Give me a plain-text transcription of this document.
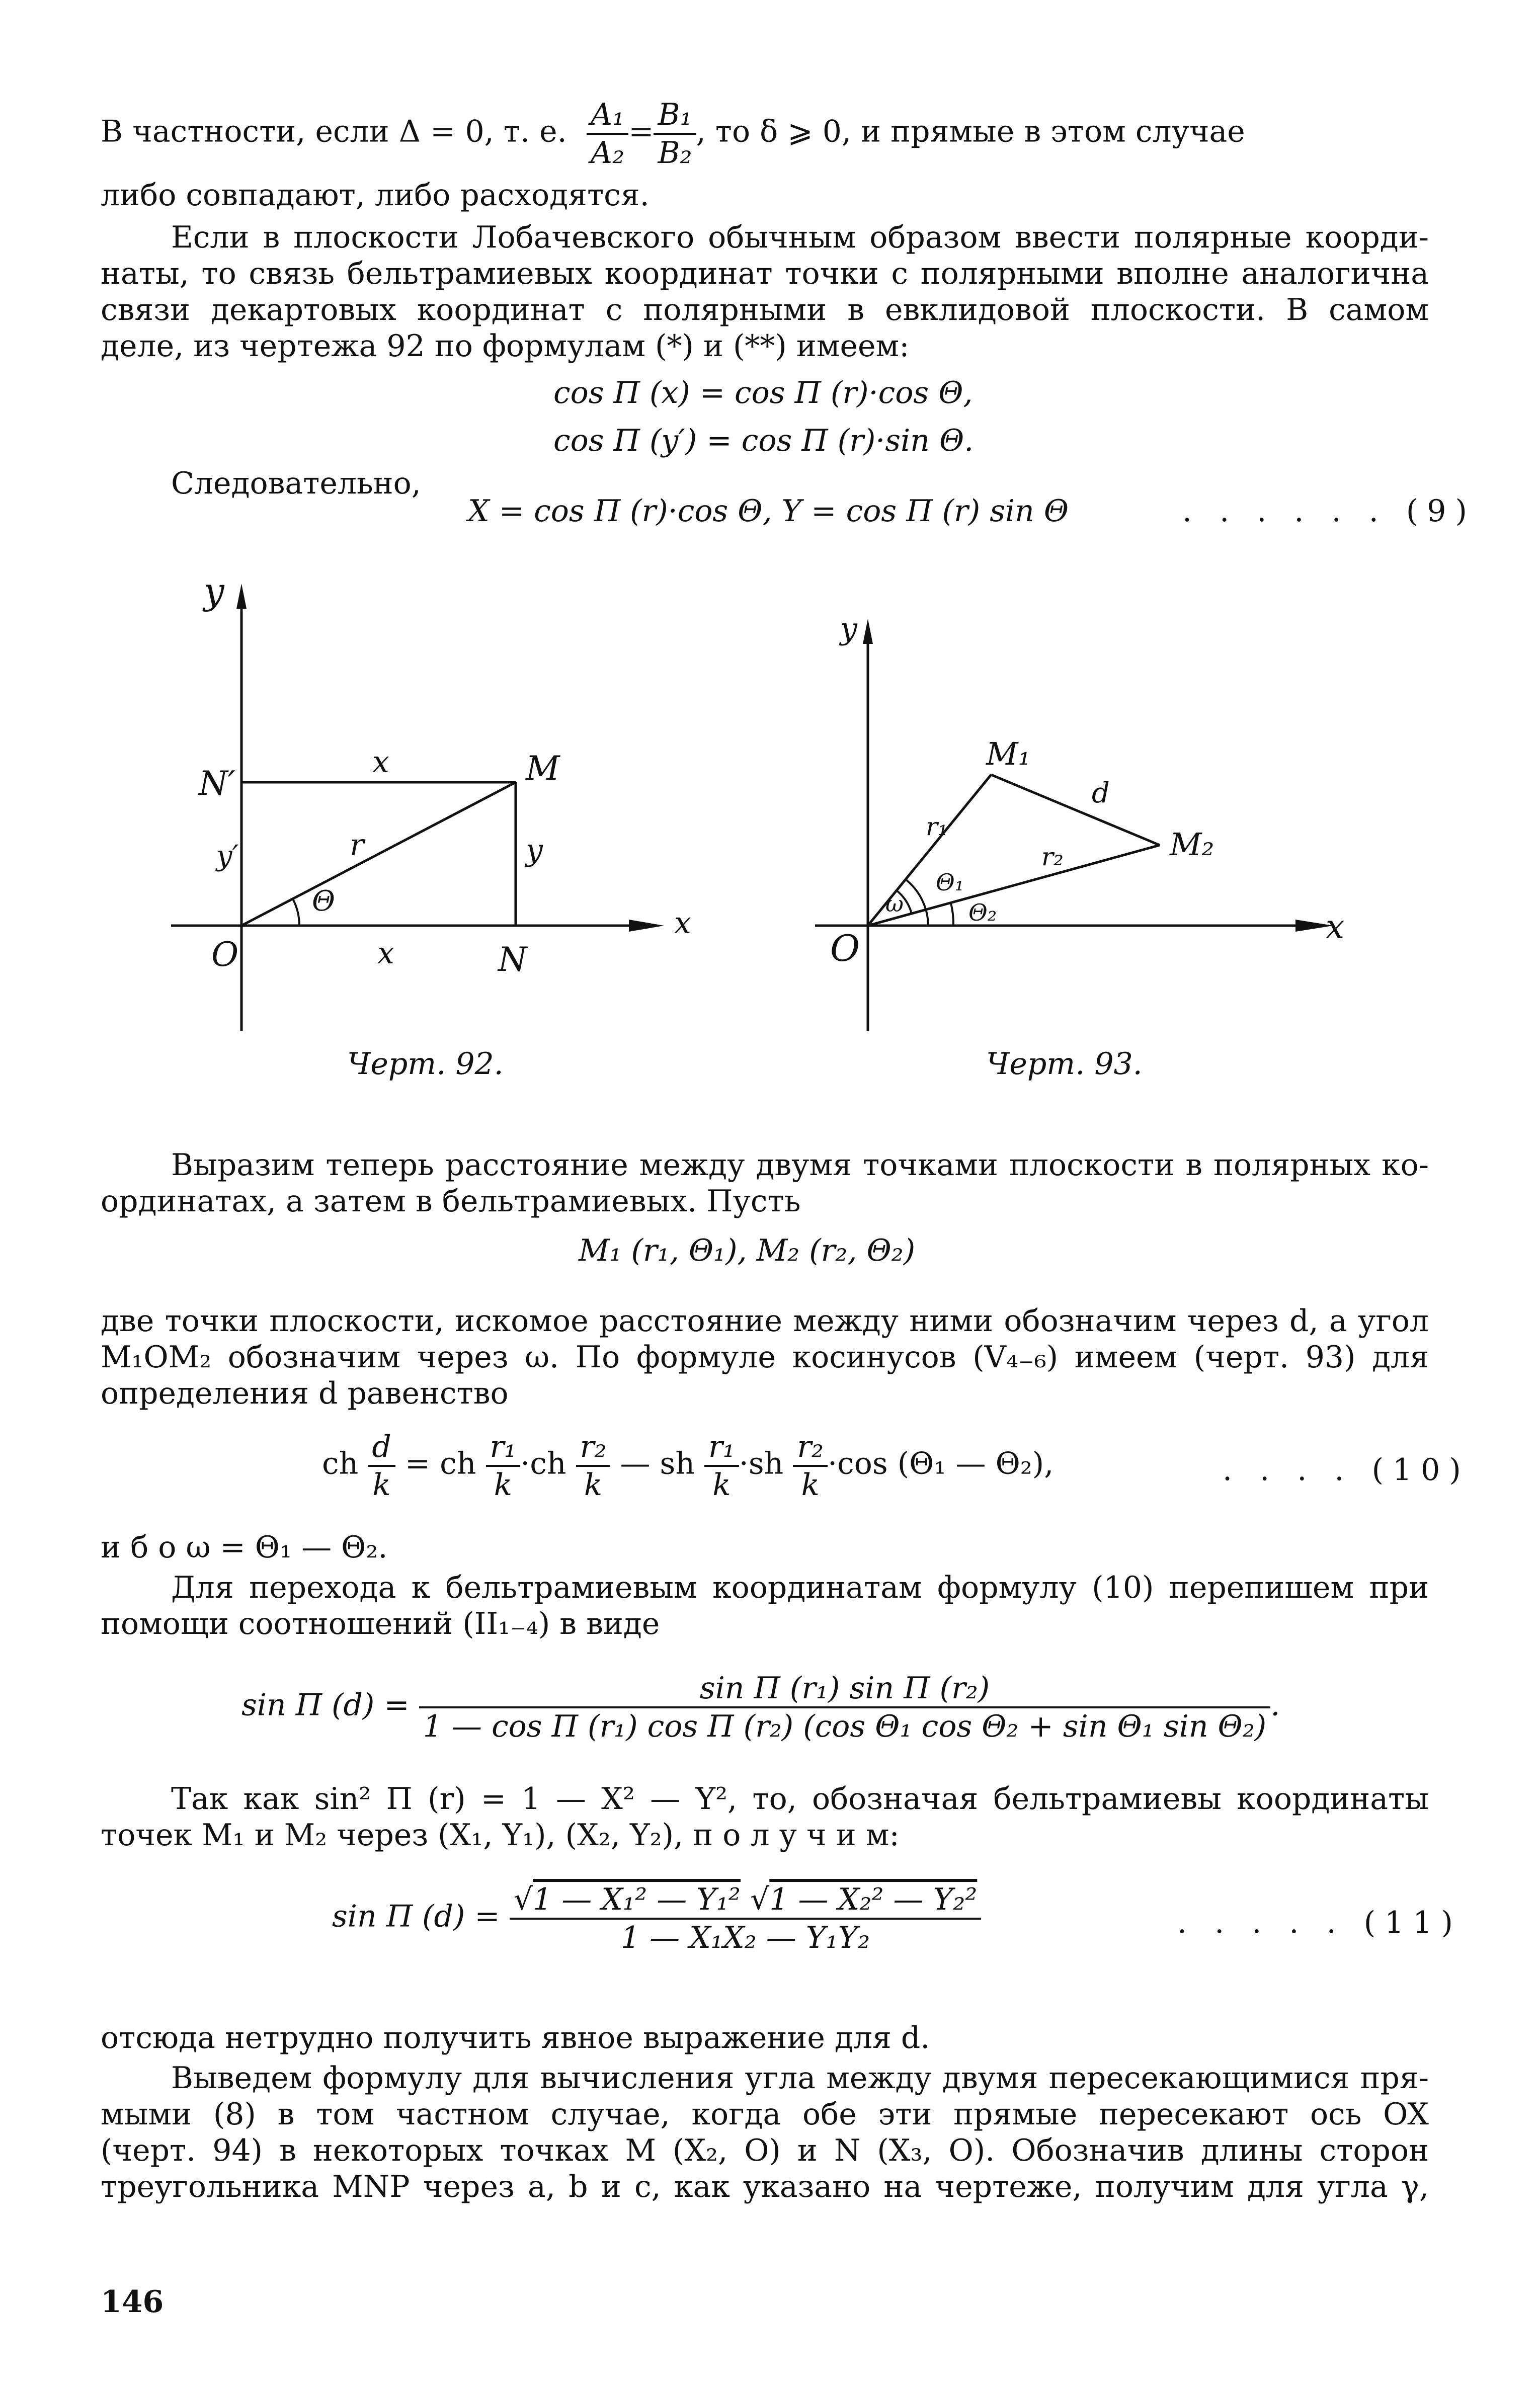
В частности, если Δ = 0, т. е. $\frac{\text{A₁}}{\text{A₂}} = \frac{\text{B₁}}{\text{B₂}}$ , то δ ⩾ 0, и прямые в этом случае
либо совпадают, либо расходятся.
Если в плоскости Лобачевского обычным образом ввести полярные коорди-
наты, то связь бельтрамиевых координат точки с полярными вполне аналогична
связи декартовых координат с полярными в евклидовой плоскости. В самом
деле, из чертежа 92 по формулам (*) и (**) имеем:
cos Π (x) = cos Π (r)·cos Θ,
cos Π (y′) = cos Π (r)·sin Θ.
Следовательно,
X = cos Π (r)·cos Θ, Y = cos Π (r) sin Θ	. . . . . . (9)
y
N′	M
x
r	y
y′
Θ
O	x	N
x
Черт. 92.
y
M₁
d
r₁
r₂	M₂
ω
Θ₁
Θ₂
O
x
Черт. 93.
Выразим теперь расстояние между двумя точками плоскости в полярных ко-
ординатах, а затем в бельтрамиевых. Пусть
M₁ (r₁, Θ₁), M₂ (r₂, Θ₂)
две точки плоскости, искомое расстояние между ними обозначим через d, а угол
M₁OM₂ обозначим через ω. По формуле косинусов (V₄₋₆) имеем (черт. 93) для
определения d равенство
ch $\frac{d}{k}$ = ch $\frac{\text{r₁}}{k} \cdot ch \frac{\text{r₂}}{k}$ — sh $\frac{\text{r₁}}{k} \cdot sh \frac{\text{r₂}}{k} \cdot\cos$ (Θ₁ — Θ₂),	. . . . (10)
и б о ω = Θ₁ — Θ₂.
Для перехода к бельтрамиевым координатам формулу (10) перепишем при
помощи соотношений (II₁₋₄) в виде
sin Π $(d) = \frac{\text{sin Π (r₁) sin Π (r₂)}}{\text{1 — cos Π (r₁) cos Π (r₂) (cos Θ₁ cos Θ₂ + sin Θ₁ sin Θ₂)}}$ .
Так как sin² Π (r) = 1 — X² — Y², то, обозначая бельтрамиевы координаты
точек M₁ и M₂ через (X₁, Y₁), (X₂, Y₂), п о л у ч и м:
sin Π $(d) = \frac{\text{√1 — X₁² — Y₁² √1 — X₂² — Y₂²}}{\text{1 — X₁X₂ — Y₁Y₂}}$	. . . . . (11)
отсюда нетрудно получить явное выражение для d.
Выведем формулу для вычисления угла между двумя пересекающимися пря-
мыми (8) в том частном случае, когда обе эти прямые пересекают ось OX
(черт. 94) в некоторых точках M (X₂, O) и N (X₃, O). Обозначив длины сторон
треугольника MNP через a, b и c, как указано на чертеже, получим для угла γ,
146
